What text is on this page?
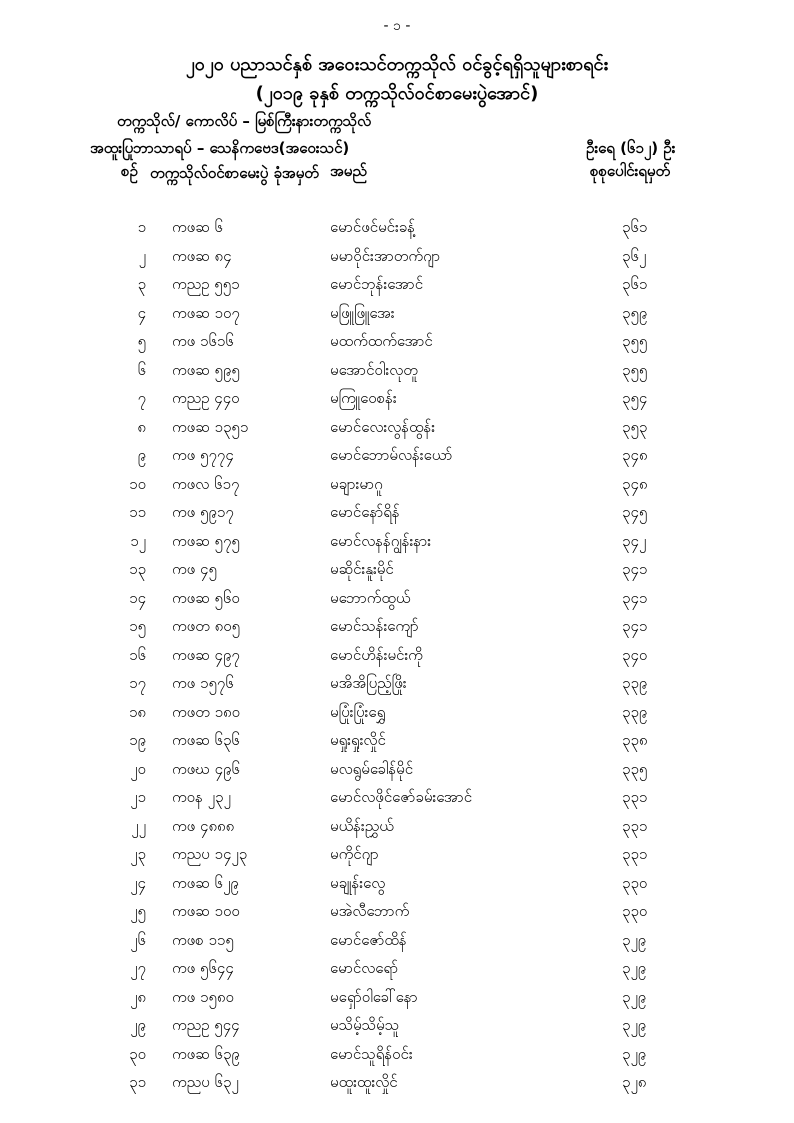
- ၁ -
၂၀၂၀ ပညာသင်နှစ် အဝေးသင်တက္ကသိုလ် ဝင်ခွင့်ရရှိသူများစာရင်း
(၂၀၁၉ ခုနှစ် တက္ကသိုလ်ဝင်စာမေးပွဲအောင်)
တက္ကသိုလ်/ ကောလိပ် – မြစ်ကြီးနားတက္ကသိုလ်
အထူးပြုဘာသာရပ် – သေနိကဗေဒ(အဝေးသင်)	ဦးရေ (၆၁၂) ဦး
စဉ် တက္ကသိုလ်ဝင်စာမေးပွဲ ခုံအမှတ် အမည်	စုစုပေါင်းရမှတ်
၁ ကဖဆ ၆	မောင်ဖင်မင်းခန့်	၃၆၁
၂ ကဖဆ ၈၄	မမာဝိုင်းအာတက်ဂျာ	၃၆၂
၃ ကညဥ ၅၅၁	မောင်ဘုန်းအောင်	၃၆၁
၄ ကဖဆ ၁၀၇	မဖြူဖြူအေး	၃၅၉
၅ ကဖ ၁၆၁၆	မထက်ထက်အောင်	၃၅၅
၆ ကဖဆ ၅၉၅	မအောင်ဝါးလုတူ	၃၅၅
၇ ကညဥ ၄၄၀	မကြူဝေစန်း	၃၅၄
၈ ကဖဆ ၁၃၅၁	မောင်လေးလွန်ထွန်း	၃၅၃
၉ ကဖ ၅၇၇၄	မောင်ဘောမ်လန်းယော်	၃၄၈
၁၀ ကဖလ ၆၁၇	မချားမာဂူ	၃၄၈
၁၁ ကဖ ၅၉၁၇	မောင်နော်ရိန်	၃၄၅
၁၂ ကဖဆ ၅၇၅	မောင်လနန်ဂျွန်းနား	၃၄၂
၁၃ ကဖ ၄၅	မဆိုင်းနူးမိုင်	၃၄၁
၁၄ ကဖဆ ၅၆၀	မဘောက်ထွယ်	၃၄၁
၁၅ ကဖတ ၈၀၅	မောင်သန်းကျော်	၃၄၁
၁၆ ကဖဆ ၄၉၇	မောင်ဟိန်းမင်းကို	၃၄၀
၁၇ ကဖ ၁၅၇၆	မအိအိပြည့်ဖြိုး	၃၃၉
၁၈ ကဖတ ၁၈၀	မပြုံးပြုံးရွှေ	၃၃၉
၁၉ ကဖဆ ၆၃၆	မရှုးရှုးလှိုင်	၃၃၈
၂၀ ကဖဃ ၄၉၆	မလရွမ်ခေါန်မိုင်	၃၃၅
၂၁ ကဝန ၂၃၂	မောင်လဖိုင်ဇော်ခမ်းအောင်	၃၃၁
၂၂ ကဖ ၄၈၈၈	မယိန်းညွှယ်	၃၃၁
၂၃ ကညပ ၁၄၂၃	မကိုင်ဂျာ	၃၃၁
၂၄ ကဖဆ ၆၂၉	မချုန်းလွေ	၃၃၀
၂၅ ကဖဆ ၁၀၀	မအဲလီဘောက်	၃၃၀
၂၆ ကဖစ ၁၁၅	မောင်ဇော်ထိန်	၃၂၉
၂၇ ကဖ ၅၆၄၄	မောင်လရော်	၃၂၉
၂၈ ကဖ ၁၅၈၀	မရှော်ဝါခေါ်နော	၃၂၉
၂၉ ကညဥ ၅၄၄	မသိမ့်သိမ့်သူ	၃၂၉
၃၀ ကဖဆ ၆၃၉	မောင်သူရိန်ဝင်း	၃၂၉
၃၁ ကညပ ၆၃၂	မထူးထူးလှိုင်	၃၂၈
